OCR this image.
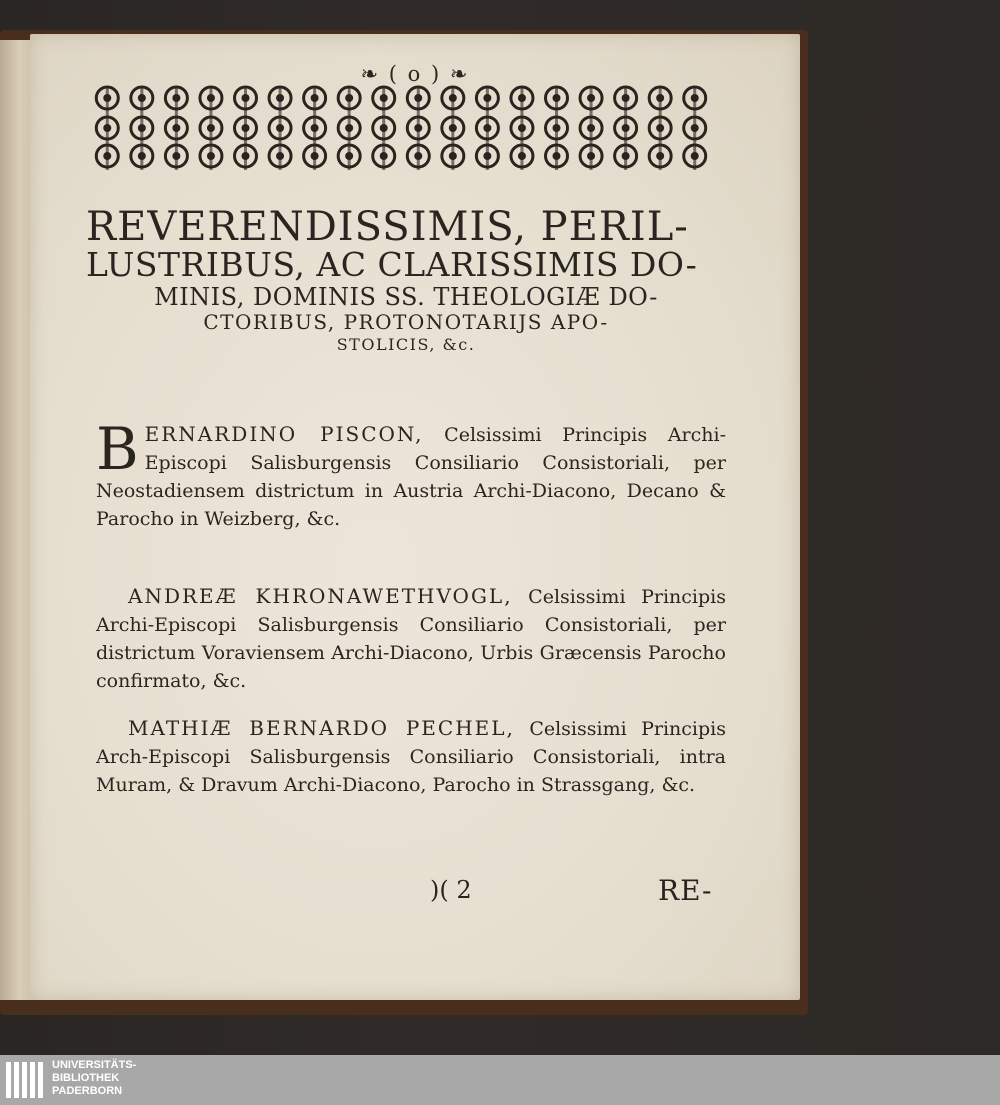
❧ ( o ) ❧
REVERENDISSIMIS, PERIL-
LUSTRIBUS, AC CLARISSIMIS DO-
MINIS, DOMINIS SS. THEOLOGIÆ DO-
CTORIBUS, PROTONOTARIJS APO-
STOLICIS, &c.
BERNARDINO PISCON, Celsissimi Principis Archi-Episcopi Salisburgensis Consiliario Consistoriali, per Neostadiensem districtum in Austria Archi-Diacono, Decano & Parocho in Weizberg, &c.
ANDREÆ KHRONAWETHVOGL, Celsissimi Principis Archi-Episcopi Salisburgensis Consiliario Consistoriali, per districtum Voraviensem Archi-Diacono, Urbis Græcensis Parocho confirmato, &c.
MATHIÆ BERNARDO PECHEL, Celsissimi Principis Arch-Episcopi Salisburgensis Consiliario Consistoriali, intra Muram, & Dravum Archi-Diacono, Parocho in Strassgang, &c.
)( 2	RE-
UNIVERSITÄTS-
BIBLIOTHEK
PADERBORN
